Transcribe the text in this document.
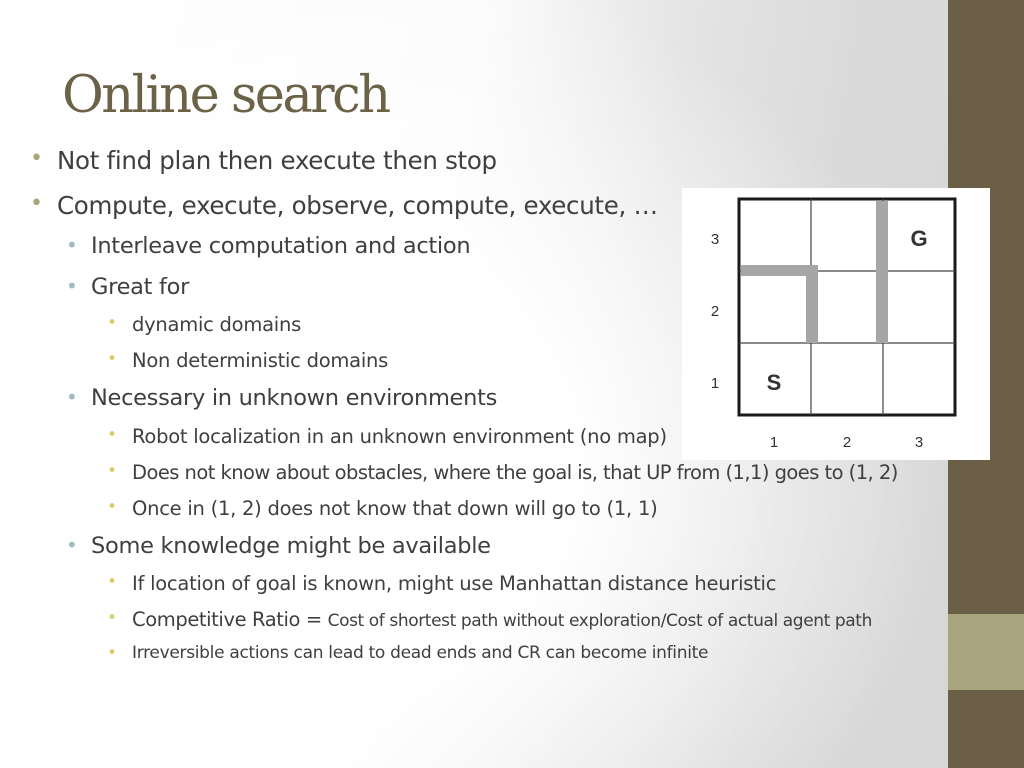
Online search
• Not find plan then execute then stop
• Compute, execute, observe, compute, execute, …
• Interleave computation and action
• Great for
• dynamic domains
• Non deterministic domains
• Necessary in unknown environments
• Robot localization in an unknown environment (no map)
• Does not know about obstacles, where the goal is, that UP from (1,1) goes to (1, 2)
• Once in (1, 2) does not know that down will go to (1, 1)
• Some knowledge might be available
• If location of goal is known, might use Manhattan distance heuristic
• Competitive Ratio = Cost of shortest path without exploration/Cost of actual agent path
• Irreversible actions can lead to dead ends and CR can become infinite
G
S
3
2
1
1	2	3
